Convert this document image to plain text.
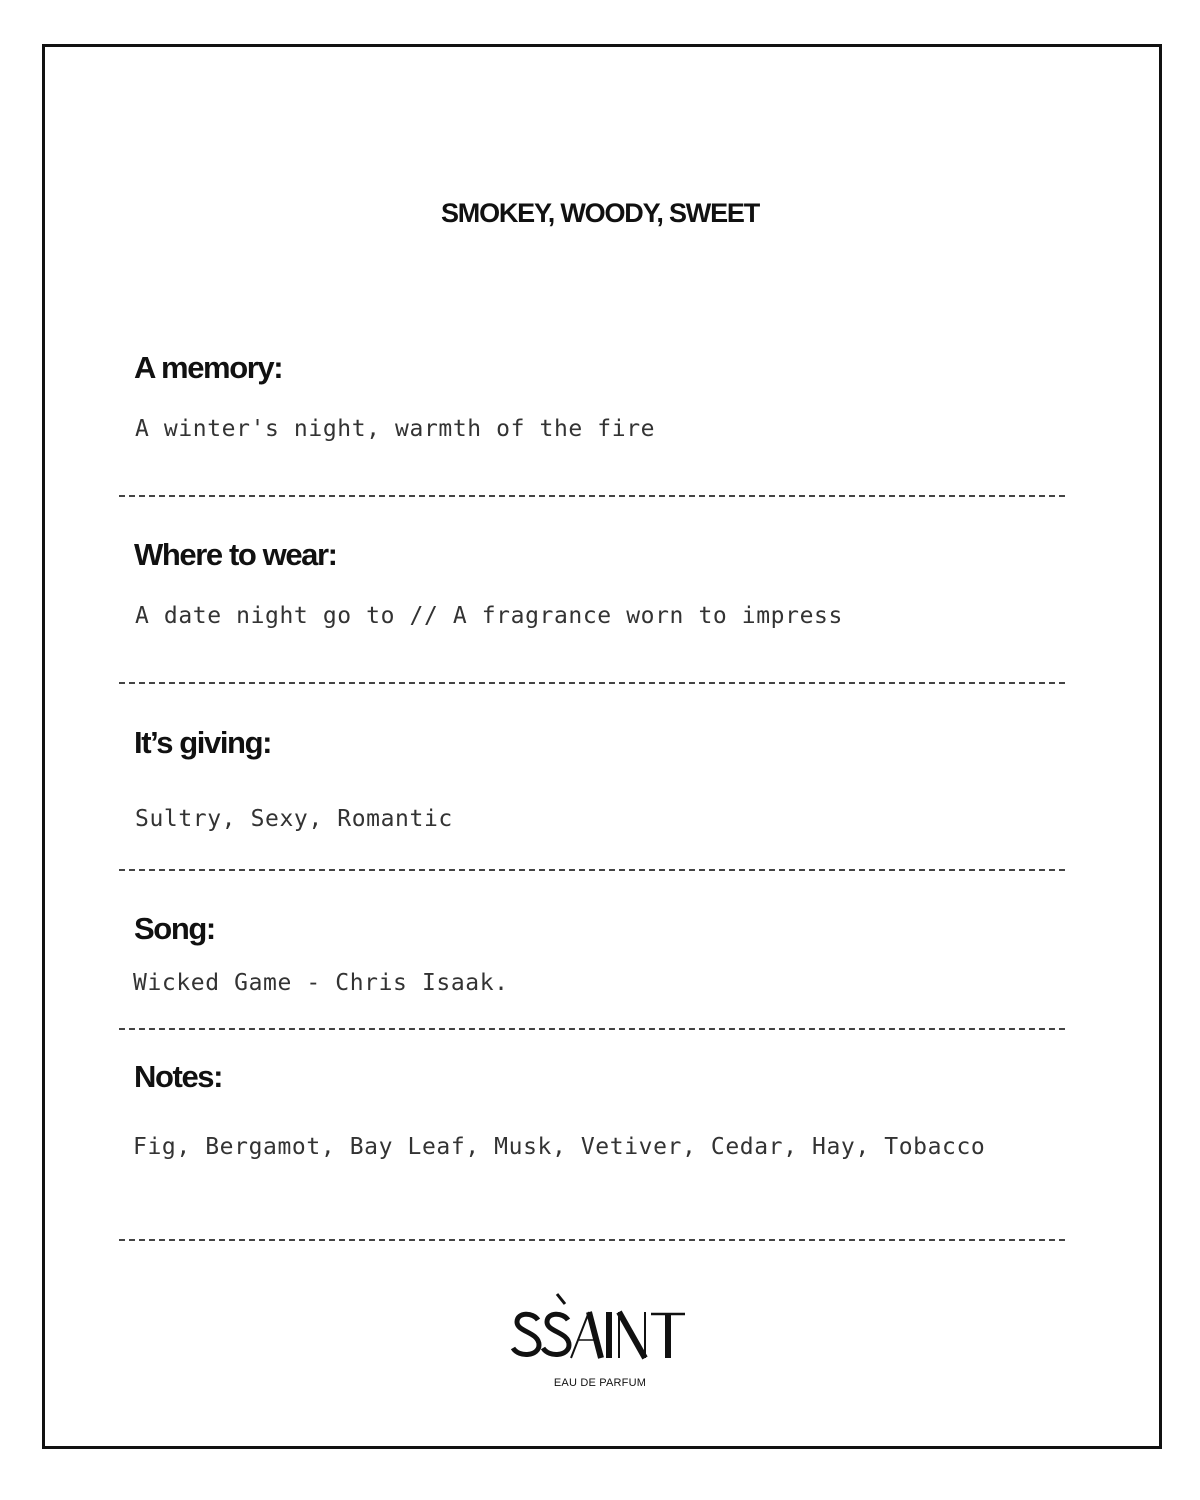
SMOKEY, WOODY, SWEET
A memory:
A winter's night, warmth of the fire
Where to wear:
A date night go to // A fragrance worn to impress
It’s giving:
Sultry, Sexy, Romantic
Song:
Wicked Game - Chris Isaak.
Notes:
Fig, Bergamot, Bay Leaf, Musk, Vetiver, Cedar, Hay, Tobacco
EAU DE PARFUM
